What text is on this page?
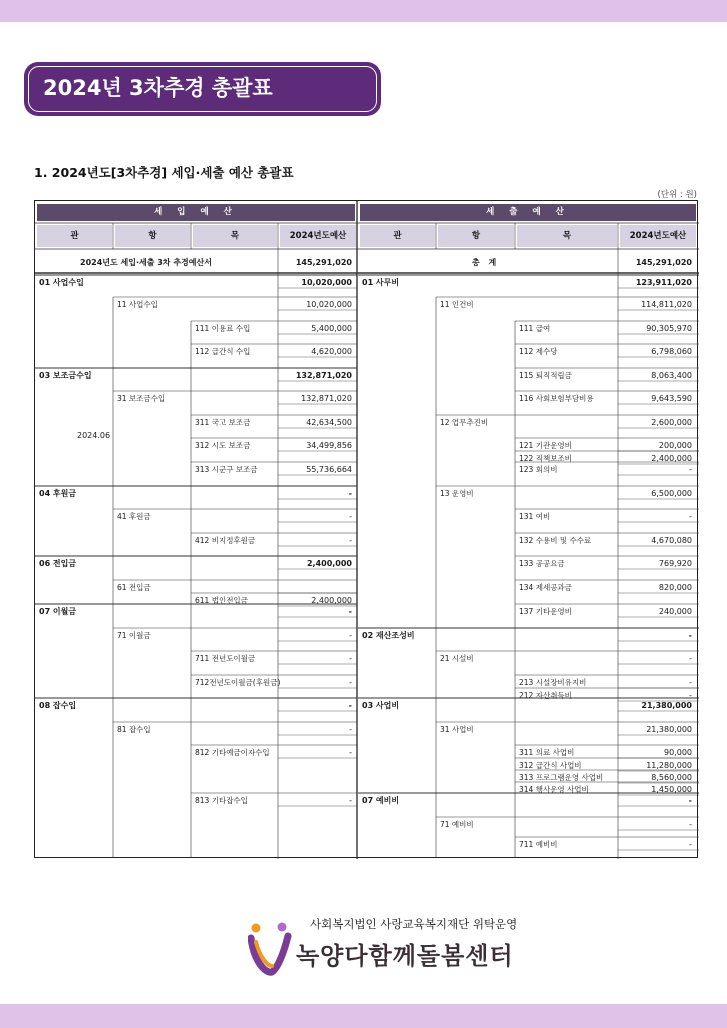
2024년 3차추경 총괄표
1. 2024년도[3차추경] 세입·세출 예산 총괄표
(단위 : 원)
세 입 예 산	세 출 예 산
관	항	목	2024년도예산	관	항	목	2024년도예산
2024년도 세입·세출 3차 추경예산서	145,291,020	총 계	145,291,020
2024.06
01 사업수입	10,020,000
11 사업수입	10,020,000
111 이용료 수입	5,400,000
112 급간식 수입	4,620,000
03 보조금수입	132,871,020
31 보조금수입	132,871,020
311 국고 보조금	42,634,500
312 시도 보조금	34,499,856
313 시군구 보조금	55,736,664
04 후원금	-
41 후원금	-
412 비지정후원금	-
06 전입금	2,400,000
61 전입금
611 법인전입금	2,400,000
07 이월금	-
71 이월금	-
711 전년도이월금	-
712전년도이월금(후원금)	-
08 잡수입	-
81 잡수입	-
812 기타예금이자수입	-
813 기타잡수입	-
01 사무비	123,911,020
11 인건비	114,811,020
111 급여	90,305,970
112 제수당	6,798,060
115 퇴직적립금	8,063,400
116 사회보험부담비용	9,643,590
12 업무추진비	2,600,000
121 기관운영비	200,000
122 직책보조비	2,400,000
123 회의비	-
13 운영비	6,500,000
131 여비	-
132 수용비 및 수수료	4,670,080
133 공공요금	769,920
134 제세공과금	820,000
137 기타운영비	240,000
02 재산조성비	-
21 시설비	-
213 시설장비유지비	-
212 자산취득비	-
03 사업비	21,380,000
31 사업비	21,380,000
311 의료 사업비	90,000
312 급간식 사업비	11,280,000
313 프로그램운영 사업비	8,560,000
314 행사운영 사업비	1,450,000
07 예비비	-
71 예비비	-
711 예비비	-
사회복지법인 사랑교육복지재단 위탁운영
녹양다함께돌봄센터
